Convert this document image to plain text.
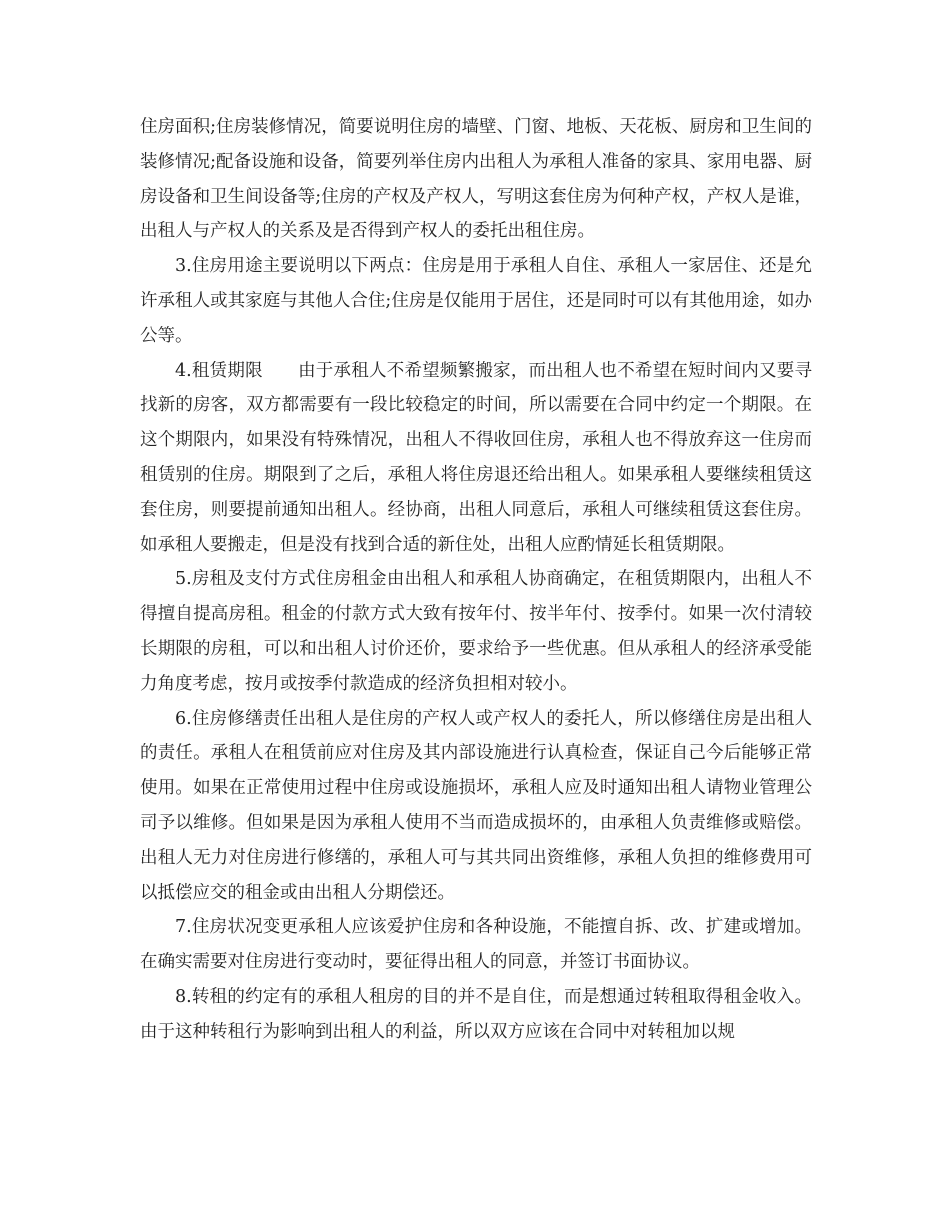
住房面积;住房装修情况，简要说明住房的墙壁、门窗、地板、天花板、厨房和卫生间的装修情况;配备设施和设备，简要列举住房内出租人为承租人准备的家具、家用电器、厨房设备和卫生间设备等;住房的产权及产权人，写明这套住房为何种产权，产权人是谁，出租人与产权人的关系及是否得到产权人的委托出租住房。

3.住房用途主要说明以下两点：住房是用于承租人自住、承租人一家居住、还是允许承租人或其家庭与其他人合住;住房是仅能用于居住，还是同时可以有其他用途，如办公等。

4.租赁期限 由于承租人不希望频繁搬家，而出租人也不希望在短时间内又要寻找新的房客，双方都需要有一段比较稳定的时间，所以需要在合同中约定一个期限。在这个期限内，如果没有特殊情况，出租人不得收回住房，承租人也不得放弃这一住房而租赁别的住房。期限到了之后，承租人将住房退还给出租人。如果承租人要继续租赁这套住房，则要提前通知出租人。经协商，出租人同意后，承租人可继续租赁这套住房。如承租人要搬走，但是没有找到合适的新住处，出租人应酌情延长租赁期限。

5.房租及支付方式住房租金由出租人和承租人协商确定，在租赁期限内，出租人不得擅自提高房租。租金的付款方式大致有按年付、按半年付、按季付。如果一次付清较长期限的房租，可以和出租人讨价还价，要求给予一些优惠。但从承租人的经济承受能力角度考虑，按月或按季付款造成的经济负担相对较小。

6.住房修缮责任出租人是住房的产权人或产权人的委托人，所以修缮住房是出租人的责任。承租人在租赁前应对住房及其内部设施进行认真检查，保证自己今后能够正常使用。如果在正常使用过程中住房或设施损坏，承租人应及时通知出租人请物业管理公司予以维修。但如果是因为承租人使用不当而造成损坏的，由承租人负责维修或赔偿。出租人无力对住房进行修缮的，承租人可与其共同出资维修，承租人负担的维修费用可以抵偿应交的租金或由出租人分期偿还。

7.住房状况变更承租人应该爱护住房和各种设施，不能擅自拆、改、扩建或增加。在确实需要对住房进行变动时，要征得出租人的同意，并签订书面协议。

8.转租的约定有的承租人租房的目的并不是自住，而是想通过转租取得租金收入。由于这种转租行为影响到出租人的利益，所以双方应该在合同中对转租加以规
